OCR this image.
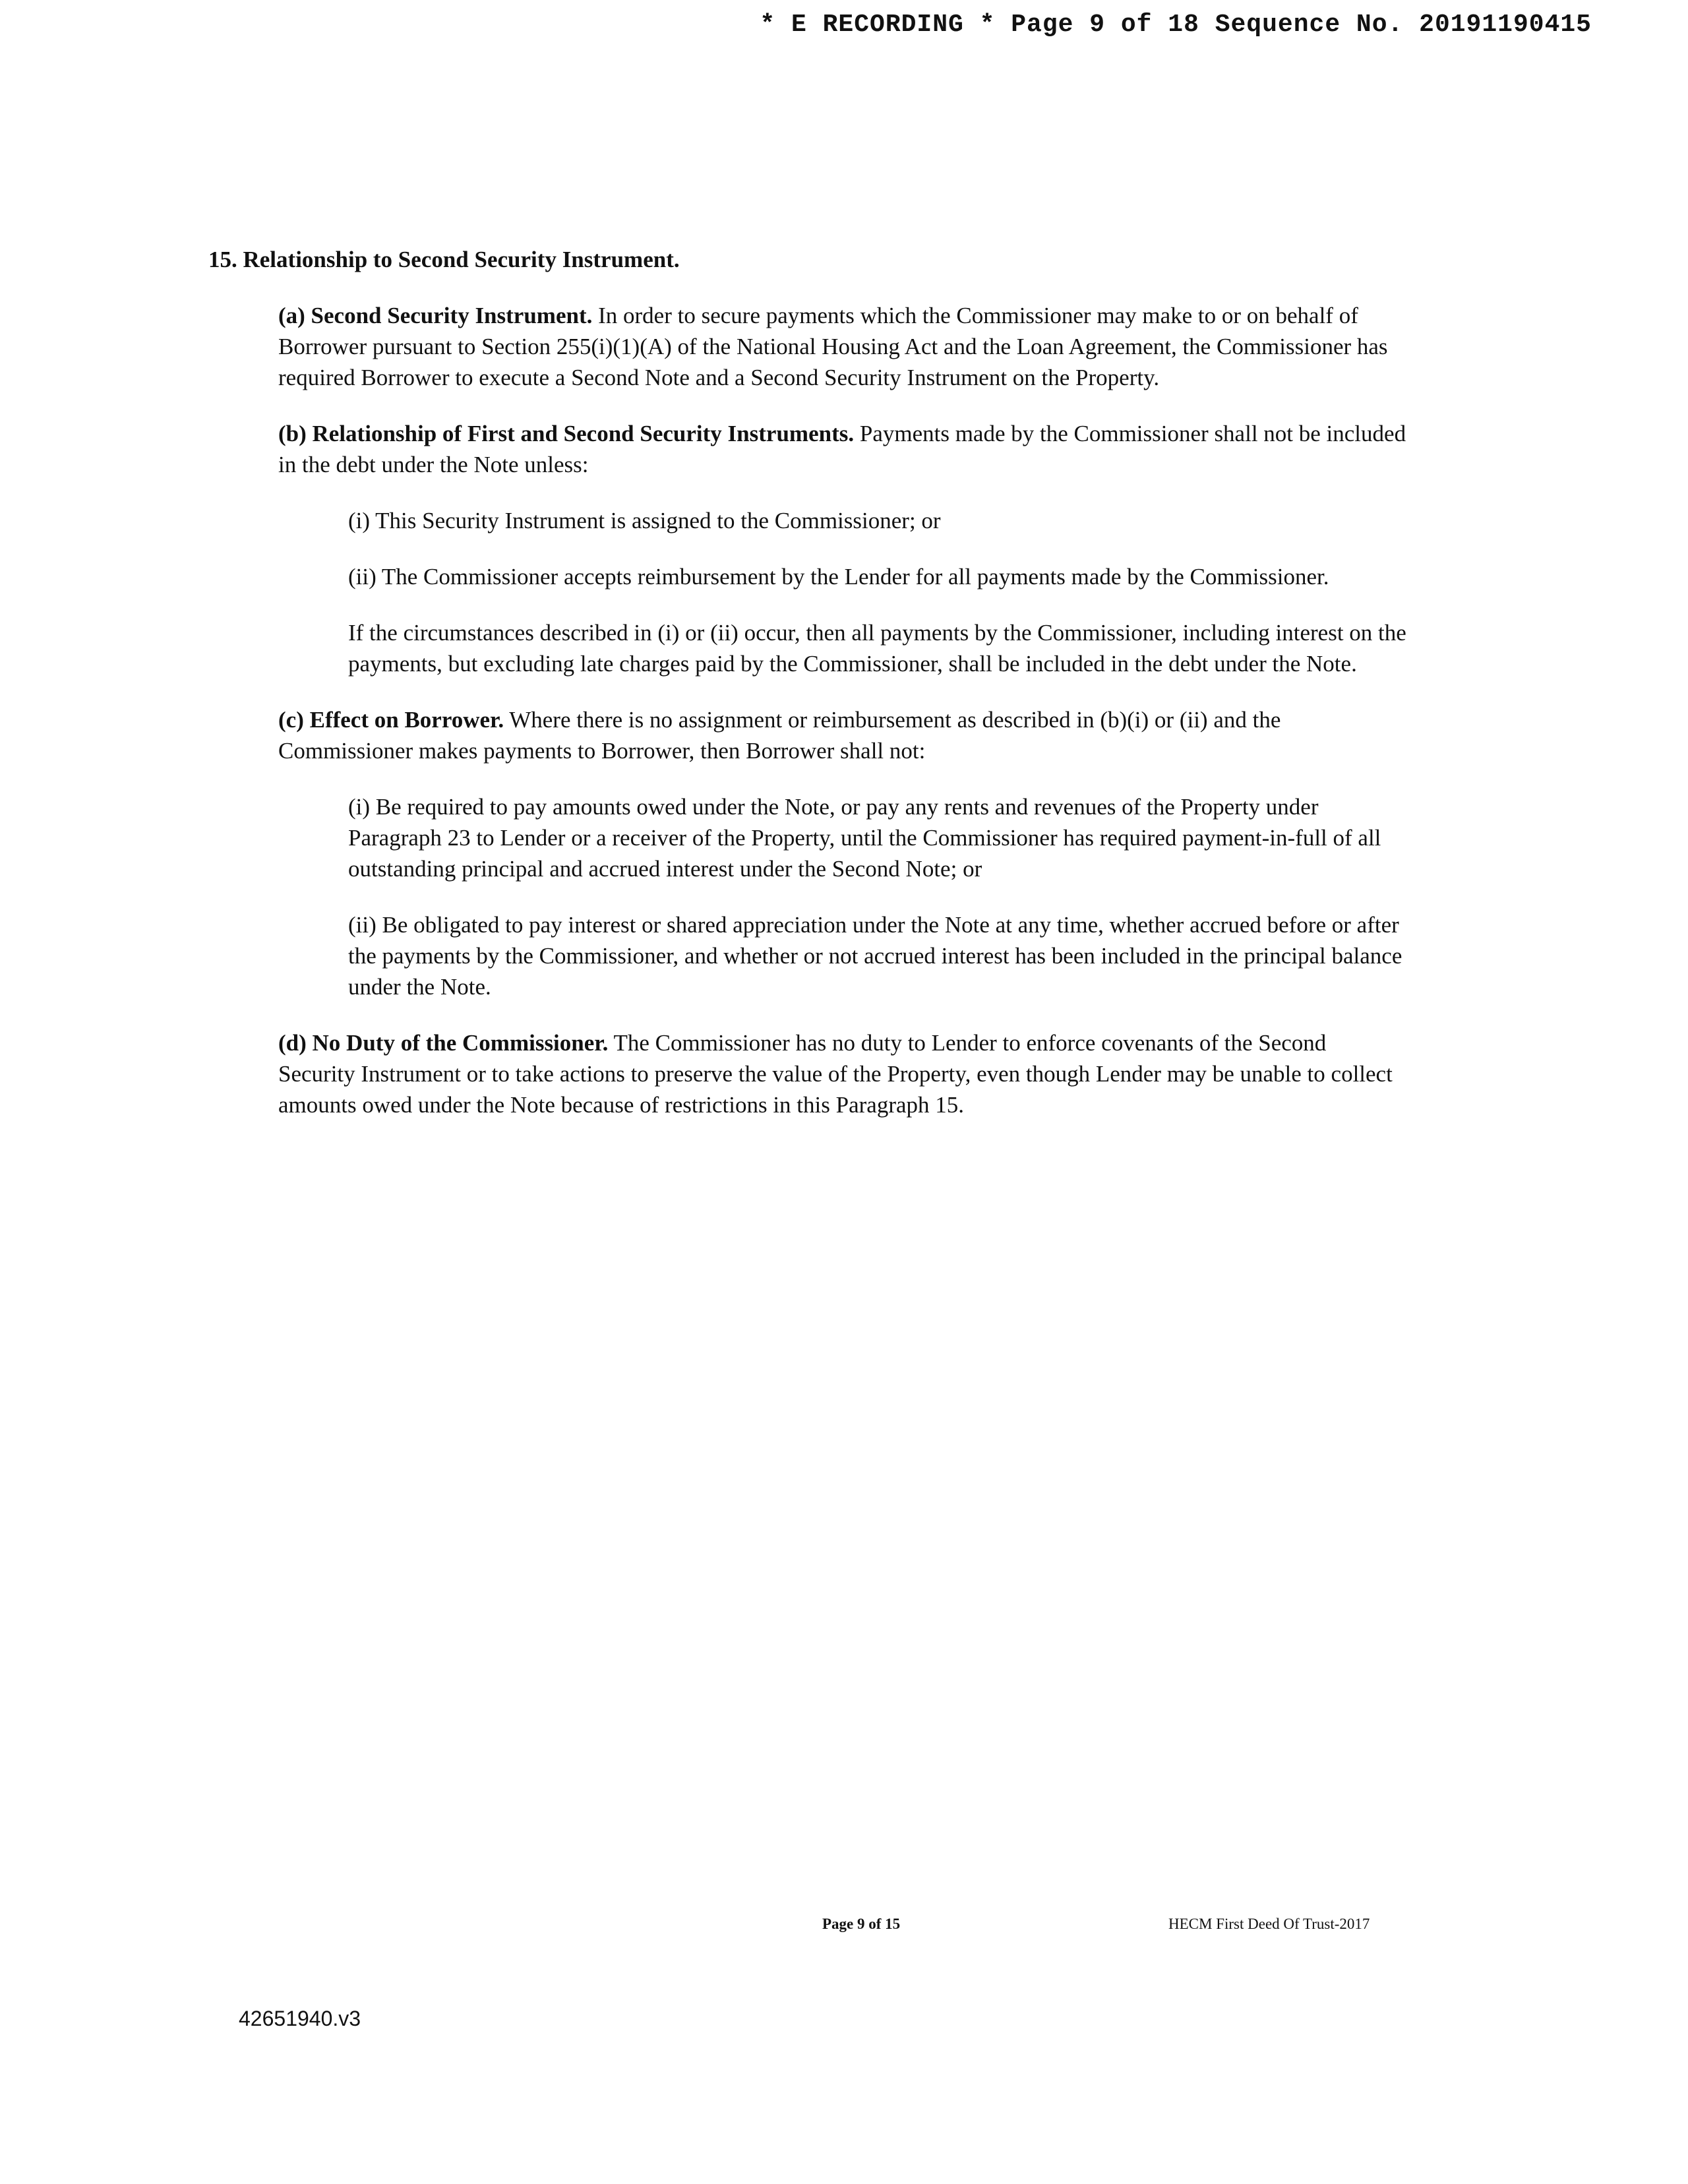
* E RECORDING * Page 9 of 18 Sequence No. 20191190415

15. Relationship to Second Security Instrument.

(a) Second Security Instrument. In order to secure payments which the Commissioner may make to or on behalf of Borrower pursuant to Section 255(i)(1)(A) of the National Housing Act and the Loan Agreement, the Commissioner has required Borrower to execute a Second Note and a Second Security Instrument on the Property.

(b) Relationship of First and Second Security Instruments. Payments made by the Commissioner shall not be included in the debt under the Note unless:

(i) This Security Instrument is assigned to the Commissioner; or

(ii) The Commissioner accepts reimbursement by the Lender for all payments made by the Commissioner.

If the circumstances described in (i) or (ii) occur, then all payments by the Commissioner, including interest on the payments, but excluding late charges paid by the Commissioner, shall be included in the debt under the Note.

(c) Effect on Borrower. Where there is no assignment or reimbursement as described in (b)(i) or (ii) and the Commissioner makes payments to Borrower, then Borrower shall not:

(i) Be required to pay amounts owed under the Note, or pay any rents and revenues of the Property under Paragraph 23 to Lender or a receiver of the Property, until the Commissioner has required payment-in-full of all outstanding principal and accrued interest under the Second Note; or

(ii) Be obligated to pay interest or shared appreciation under the Note at any time, whether accrued before or after the payments by the Commissioner, and whether or not accrued interest has been included in the principal balance under the Note.

(d) No Duty of the Commissioner. The Commissioner has no duty to Lender to enforce covenants of the Second Security Instrument or to take actions to preserve the value of the Property, even though Lender may be unable to collect amounts owed under the Note because of restrictions in this Paragraph 15.

Page 9 of 15	HECM First Deed Of Trust-2017

42651940.v3
